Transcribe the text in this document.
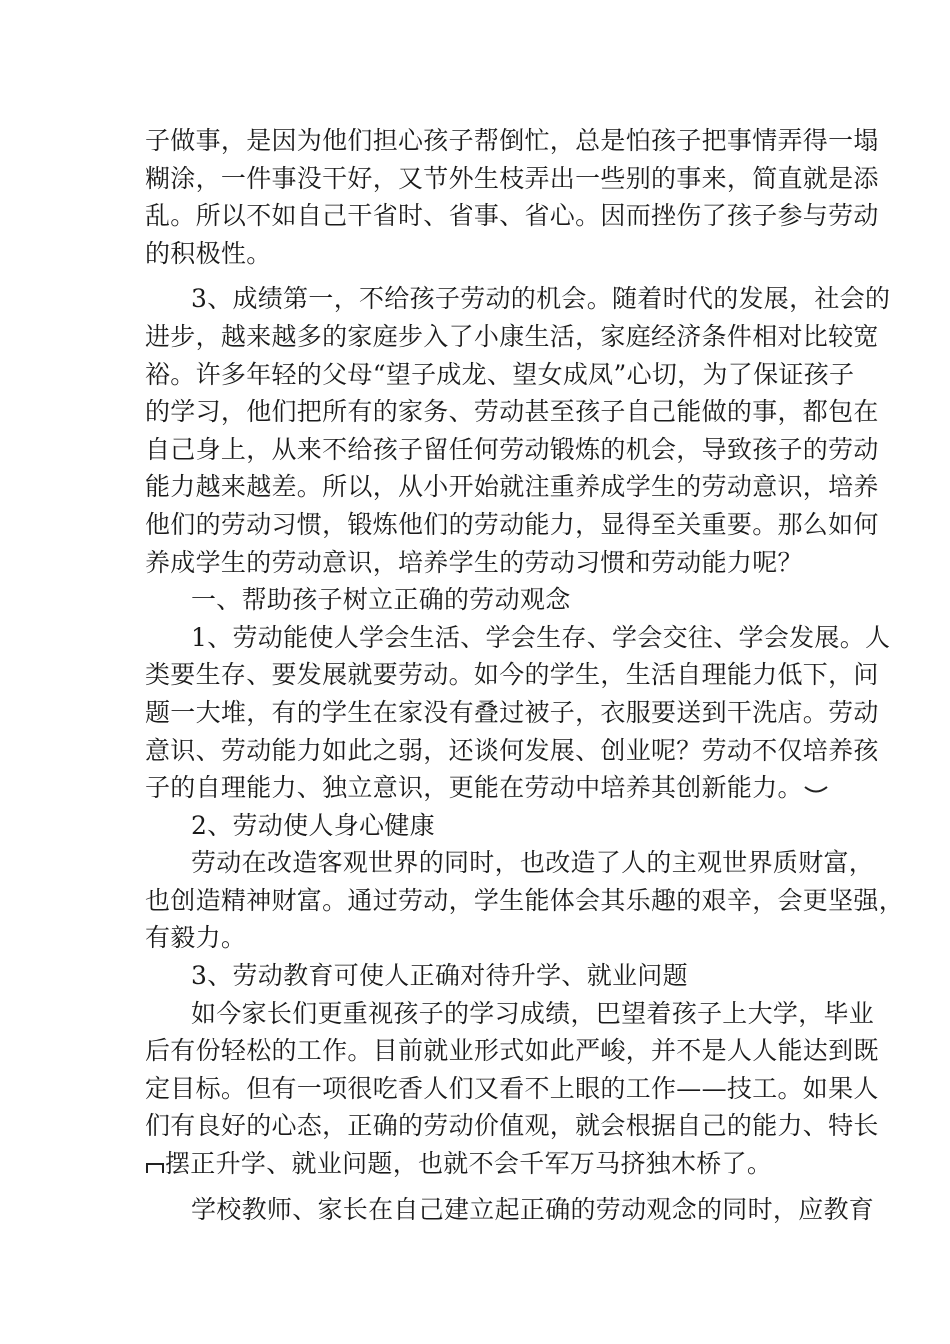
子做事，是因为他们担心孩子帮倒忙，总是怕孩子把事情弄得一塌
糊涂，一件事没干好，又节外生枝弄出一些别的事来，简直就是添
乱。所以不如自己干省时、省事、省心。因而挫伤了孩子参与劳动
的积极性。
3、成绩第一，不给孩子劳动的机会。随着时代的发展，社会的
进步，越来越多的家庭步入了小康生活，家庭经济条件相对比较宽
裕。许多年轻的父母“望子成龙、望女成凤”心切，为了保证孩子
的学习，他们把所有的家务、劳动甚至孩子自己能做的事，都包在
自己身上，从来不给孩子留任何劳动锻炼的机会，导致孩子的劳动
能力越来越差。所以，从小开始就注重养成学生的劳动意识，培养
他们的劳动习惯，锻炼他们的劳动能力，显得至关重要。那么如何
养成学生的劳动意识，培养学生的劳动习惯和劳动能力呢？
一、帮助孩子树立正确的劳动观念
1、劳动能使人学会生活、学会生存、学会交往、学会发展。人
类要生存、要发展就要劳动。如今的学生，生活自理能力低下，问
题一大堆，有的学生在家没有叠过被子，衣服要送到干洗店。劳动
意识、劳动能力如此之弱，还谈何发展、创业呢？劳动不仅培养孩
子的自理能力、独立意识，更能在劳动中培养其创新能力。
2、劳动使人身心健康
劳动在改造客观世界的同时，也改造了人的主观世界质财富，
也创造精神财富。通过劳动，学生能体会其乐趣的艰辛，会更坚强，
有毅力。
3、劳动教育可使人正确对待升学、就业问题
如今家长们更重视孩子的学习成绩，巴望着孩子上大学，毕业
后有份轻松的工作。目前就业形式如此严峻，并不是人人能达到既
定目标。但有一项很吃香人们又看不上眼的工作——技工。如果人
们有良好的心态，正确的劳动价值观，就会根据自己的能力、特长
摆正升学、就业问题，也就不会千军万马挤独木桥了。
学校教师、家长在自己建立起正确的劳动观念的同时，应教育
